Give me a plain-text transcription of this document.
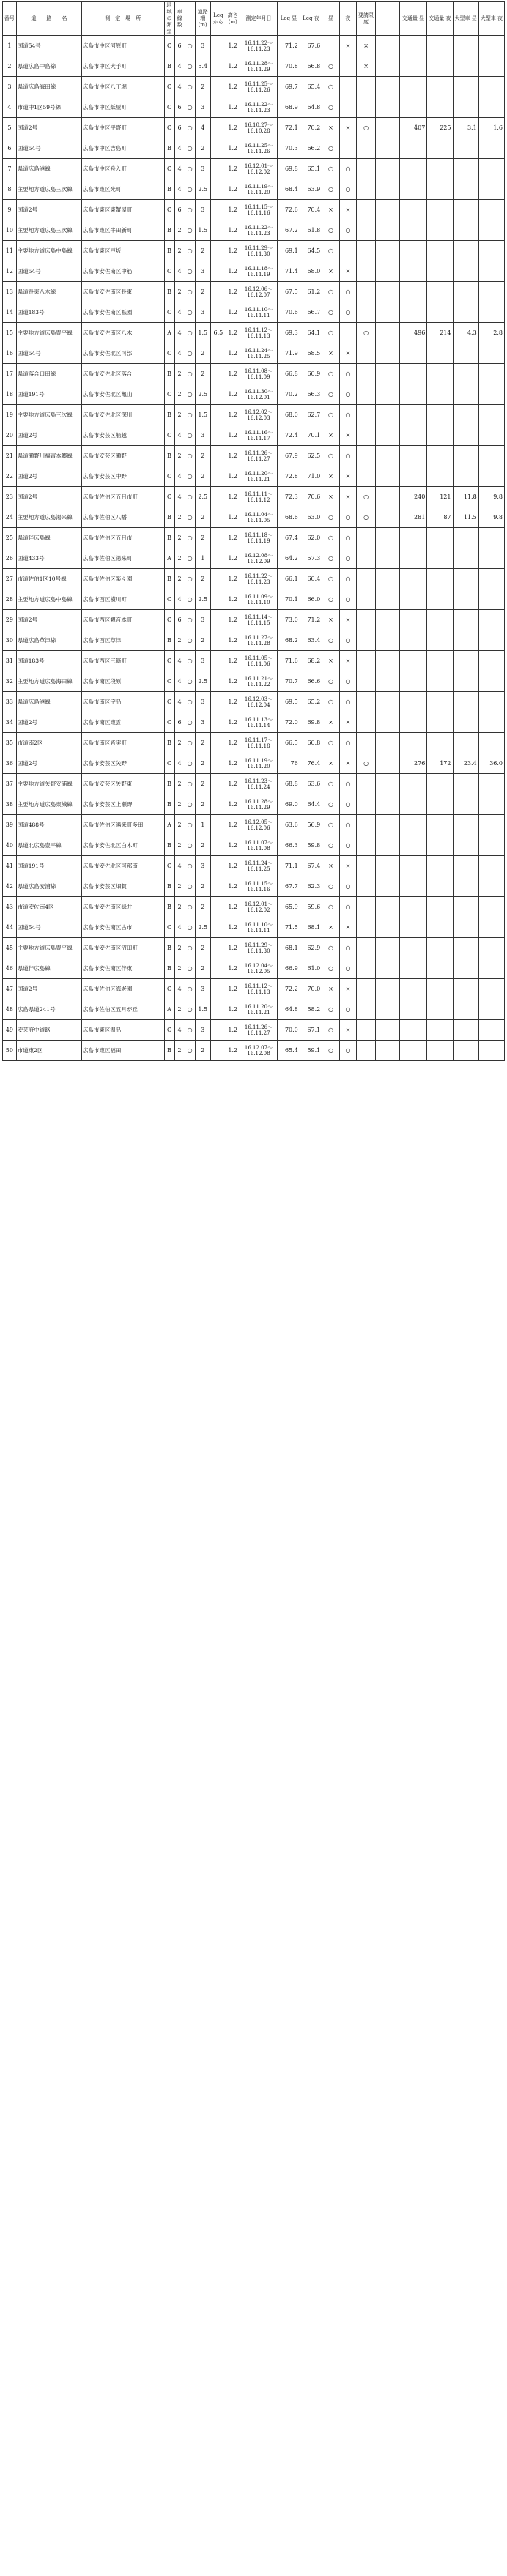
番号	道　　路　　名	測　定　場　所	地域の類型	車線数		道路端(m)	Leqから	高さ(m)	測定年月日	Leq 昼	Leq 夜	昼	夜	要請限度		交通量 昼	交通量 夜	大型車 昼	大型車 夜
1	国道54号	広島市中区河原町	C	6	○	3		1.2	16.11.22〜16.11.23	71.2	67.6		×	×					
2	県道広島中島線	広島市中区大手町	B	4	○	5.4		1.2	16.11.28〜16.11.29	70.8	66.8	○		×					
3	県道広島海田線	広島市中区八丁堀	C	4	○	2		1.2	16.11.25〜16.11.26	69.7	65.4	○							
4	市道中1区59号線	広島市中区紙屋町	C	6	○	3		1.2	16.11.22〜16.11.23	68.9	64.8	○							
5	国道2号	広島市中区平野町	C	6	○	4		1.2	16.10.27〜16.10.28	72.1	70.2	×	×	○		407	225	3.1	1.6
6	国道54号	広島市中区吉島町	B	4	○	2		1.2	16.11.25〜16.11.26	70.3	66.2	○							
7	県道広島港線	広島市中区舟入町	C	4	○	3		1.2	16.12.01〜16.12.02	69.8	65.1	○	○						
8	主要地方道広島三次線	広島市東区光町	B	4	○	2.5		1.2	16.11.19〜16.11.20	68.4	63.9	○	○						
9	国道2号	広島市東区東蟹屋町	C	6	○	3		1.2	16.11.15〜16.11.16	72.6	70.4	×	×						
10	主要地方道広島三次線	広島市東区牛田新町	B	2	○	1.5		1.2	16.11.22〜16.11.23	67.2	61.8	○	○						
11	主要地方道広島中島線	広島市東区戸坂	B	2	○	2		1.2	16.11.29〜16.11.30	69.1	64.5	○							
12	国道54号	広島市安佐南区中筋	C	4	○	3		1.2	16.11.18〜16.11.19	71.4	68.0	×	×						
13	県道長束八木線	広島市安佐南区長束	B	2	○	2		1.2	16.12.06〜16.12.07	67.5	61.2	○	○						
14	国道183号	広島市安佐南区祇園	C	4	○	3		1.2	16.11.10〜16.11.11	70.6	66.7	○	○						
15	主要地方道広島豊平線	広島市安佐南区八木	A	4	○	1.5	6.5	1.2	16.11.12〜16.11.13	69.3	64.1	○		○		496	214	4.3	2.8
16	国道54号	広島市安佐北区可部	C	4	○	2		1.2	16.11.24〜16.11.25	71.9	68.5	×	×						
17	県道落合口田線	広島市安佐北区落合	B	2	○	2		1.2	16.11.08〜16.11.09	66.8	60.9	○	○						
18	国道191号	広島市安佐北区亀山	C	2	○	2.5		1.2	16.11.30〜16.12.01	70.2	66.3	○	○						
19	主要地方道広島三次線	広島市安佐北区深川	B	2	○	1.5		1.2	16.12.02〜16.12.03	68.0	62.7	○	○						
20	国道2号	広島市安芸区船越	C	4	○	3		1.2	16.11.16〜16.11.17	72.4	70.1	×	×						
21	県道瀬野川福富本郷線	広島市安芸区瀬野	B	2	○	2		1.2	16.11.26〜16.11.27	67.9	62.5	○	○						
22	国道2号	広島市安芸区中野	C	4	○	2		1.2	16.11.20〜16.11.21	72.8	71.0	×	×						
23	国道2号	広島市佐伯区五日市町	C	4	○	2.5		1.2	16.11.11〜16.11.12	72.3	70.6	×	×	○		240	121	11.8	9.8
24	主要地方道広島湯来線	広島市佐伯区八幡	B	2	○	2		1.2	16.11.04〜16.11.05	68.6	63.0	○	○	○		281	87	11.5	9.8
25	県道伴広島線	広島市佐伯区五日市	B	2	○	2		1.2	16.11.18〜16.11.19	67.4	62.0	○	○						
26	国道433号	広島市佐伯区湯来町	A	2	○	1		1.2	16.12.08〜16.12.09	64.2	57.3	○	○						
27	市道佐伯1区10号線	広島市佐伯区楽々園	B	2	○	2		1.2	16.11.22〜16.11.23	66.1	60.4	○	○						
28	主要地方道広島中島線	広島市西区横川町	C	4	○	2.5		1.2	16.11.09〜16.11.10	70.1	66.0	○	○						
29	国道2号	広島市西区観音本町	C	6	○	3		1.2	16.11.14〜16.11.15	73.0	71.2	×	×						
30	県道広島草津線	広島市西区草津	B	2	○	2		1.2	16.11.27〜16.11.28	68.2	63.4	○	○						
31	国道183号	広島市西区三篠町	C	4	○	3		1.2	16.11.05〜16.11.06	71.6	68.2	×	×						
32	主要地方道広島海田線	広島市南区段原	C	4	○	2.5		1.2	16.11.21〜16.11.22	70.7	66.6	○	○						
33	県道広島港線	広島市南区宇品	C	4	○	3		1.2	16.12.03〜16.12.04	69.5	65.2	○	○						
34	国道2号	広島市南区東雲	C	6	○	3		1.2	16.11.13〜16.11.14	72.0	69.8	×	×						
35	市道南2区	広島市南区皆実町	B	2	○	2		1.2	16.11.17〜16.11.18	66.5	60.8	○	○						
36	国道2号	広島市安芸区矢野	C	4	○	2		1.2	16.11.19〜16.11.20	76	76.4	×	×	○		276	172	23.4	36.0
37	主要地方道矢野安浦線	広島市安芸区矢野東	B	2	○	2		1.2	16.11.23〜16.11.24	68.8	63.6	○	○						
38	主要地方道広島東城線	広島市安芸区上瀬野	B	2	○	2		1.2	16.11.28〜16.11.29	69.0	64.4	○	○						
39	国道488号	広島市佐伯区湯来町多田	A	2	○	1		1.2	16.12.05〜16.12.06	63.6	56.9	○	○						
40	県道北広島豊平線	広島市安佐北区白木町	B	2	○	2		1.2	16.11.07〜16.11.08	66.3	59.8	○	○						
41	国道191号	広島市安佐北区可部南	C	4	○	3		1.2	16.11.24〜16.11.25	71.1	67.4	×	×						
42	県道広島安浦線	広島市安芸区畑賀	B	2	○	2		1.2	16.11.15〜16.11.16	67.7	62.3	○	○						
43	市道安佐南4区	広島市安佐南区緑井	B	2	○	2		1.2	16.12.01〜16.12.02	65.9	59.6	○	○						
44	国道54号	広島市安佐南区古市	C	4	○	2.5		1.2	16.11.10〜16.11.11	71.5	68.1	×	×						
45	主要地方道広島豊平線	広島市安佐南区沼田町	B	2	○	2		1.2	16.11.29〜16.11.30	68.1	62.9	○	○						
46	県道伴広島線	広島市安佐南区伴東	B	2	○	2		1.2	16.12.04〜16.12.05	66.9	61.0	○	○						
47	国道2号	広島市佐伯区海老園	C	4	○	3		1.2	16.11.12〜16.11.13	72.2	70.0	×	×						
48	広島県道241号	広島市佐伯区五月が丘	A	2	○	1.5		1.2	16.11.20〜16.11.21	64.8	58.2	○	○						
49	安芸府中道路	広島市東区温品	C	4	○	3		1.2	16.11.26〜16.11.27	70.0	67.1	○	×						
50	市道東2区	広島市東区福田	B	2	○	2		1.2	16.12.07〜16.12.08	65.4	59.1	○	○						
